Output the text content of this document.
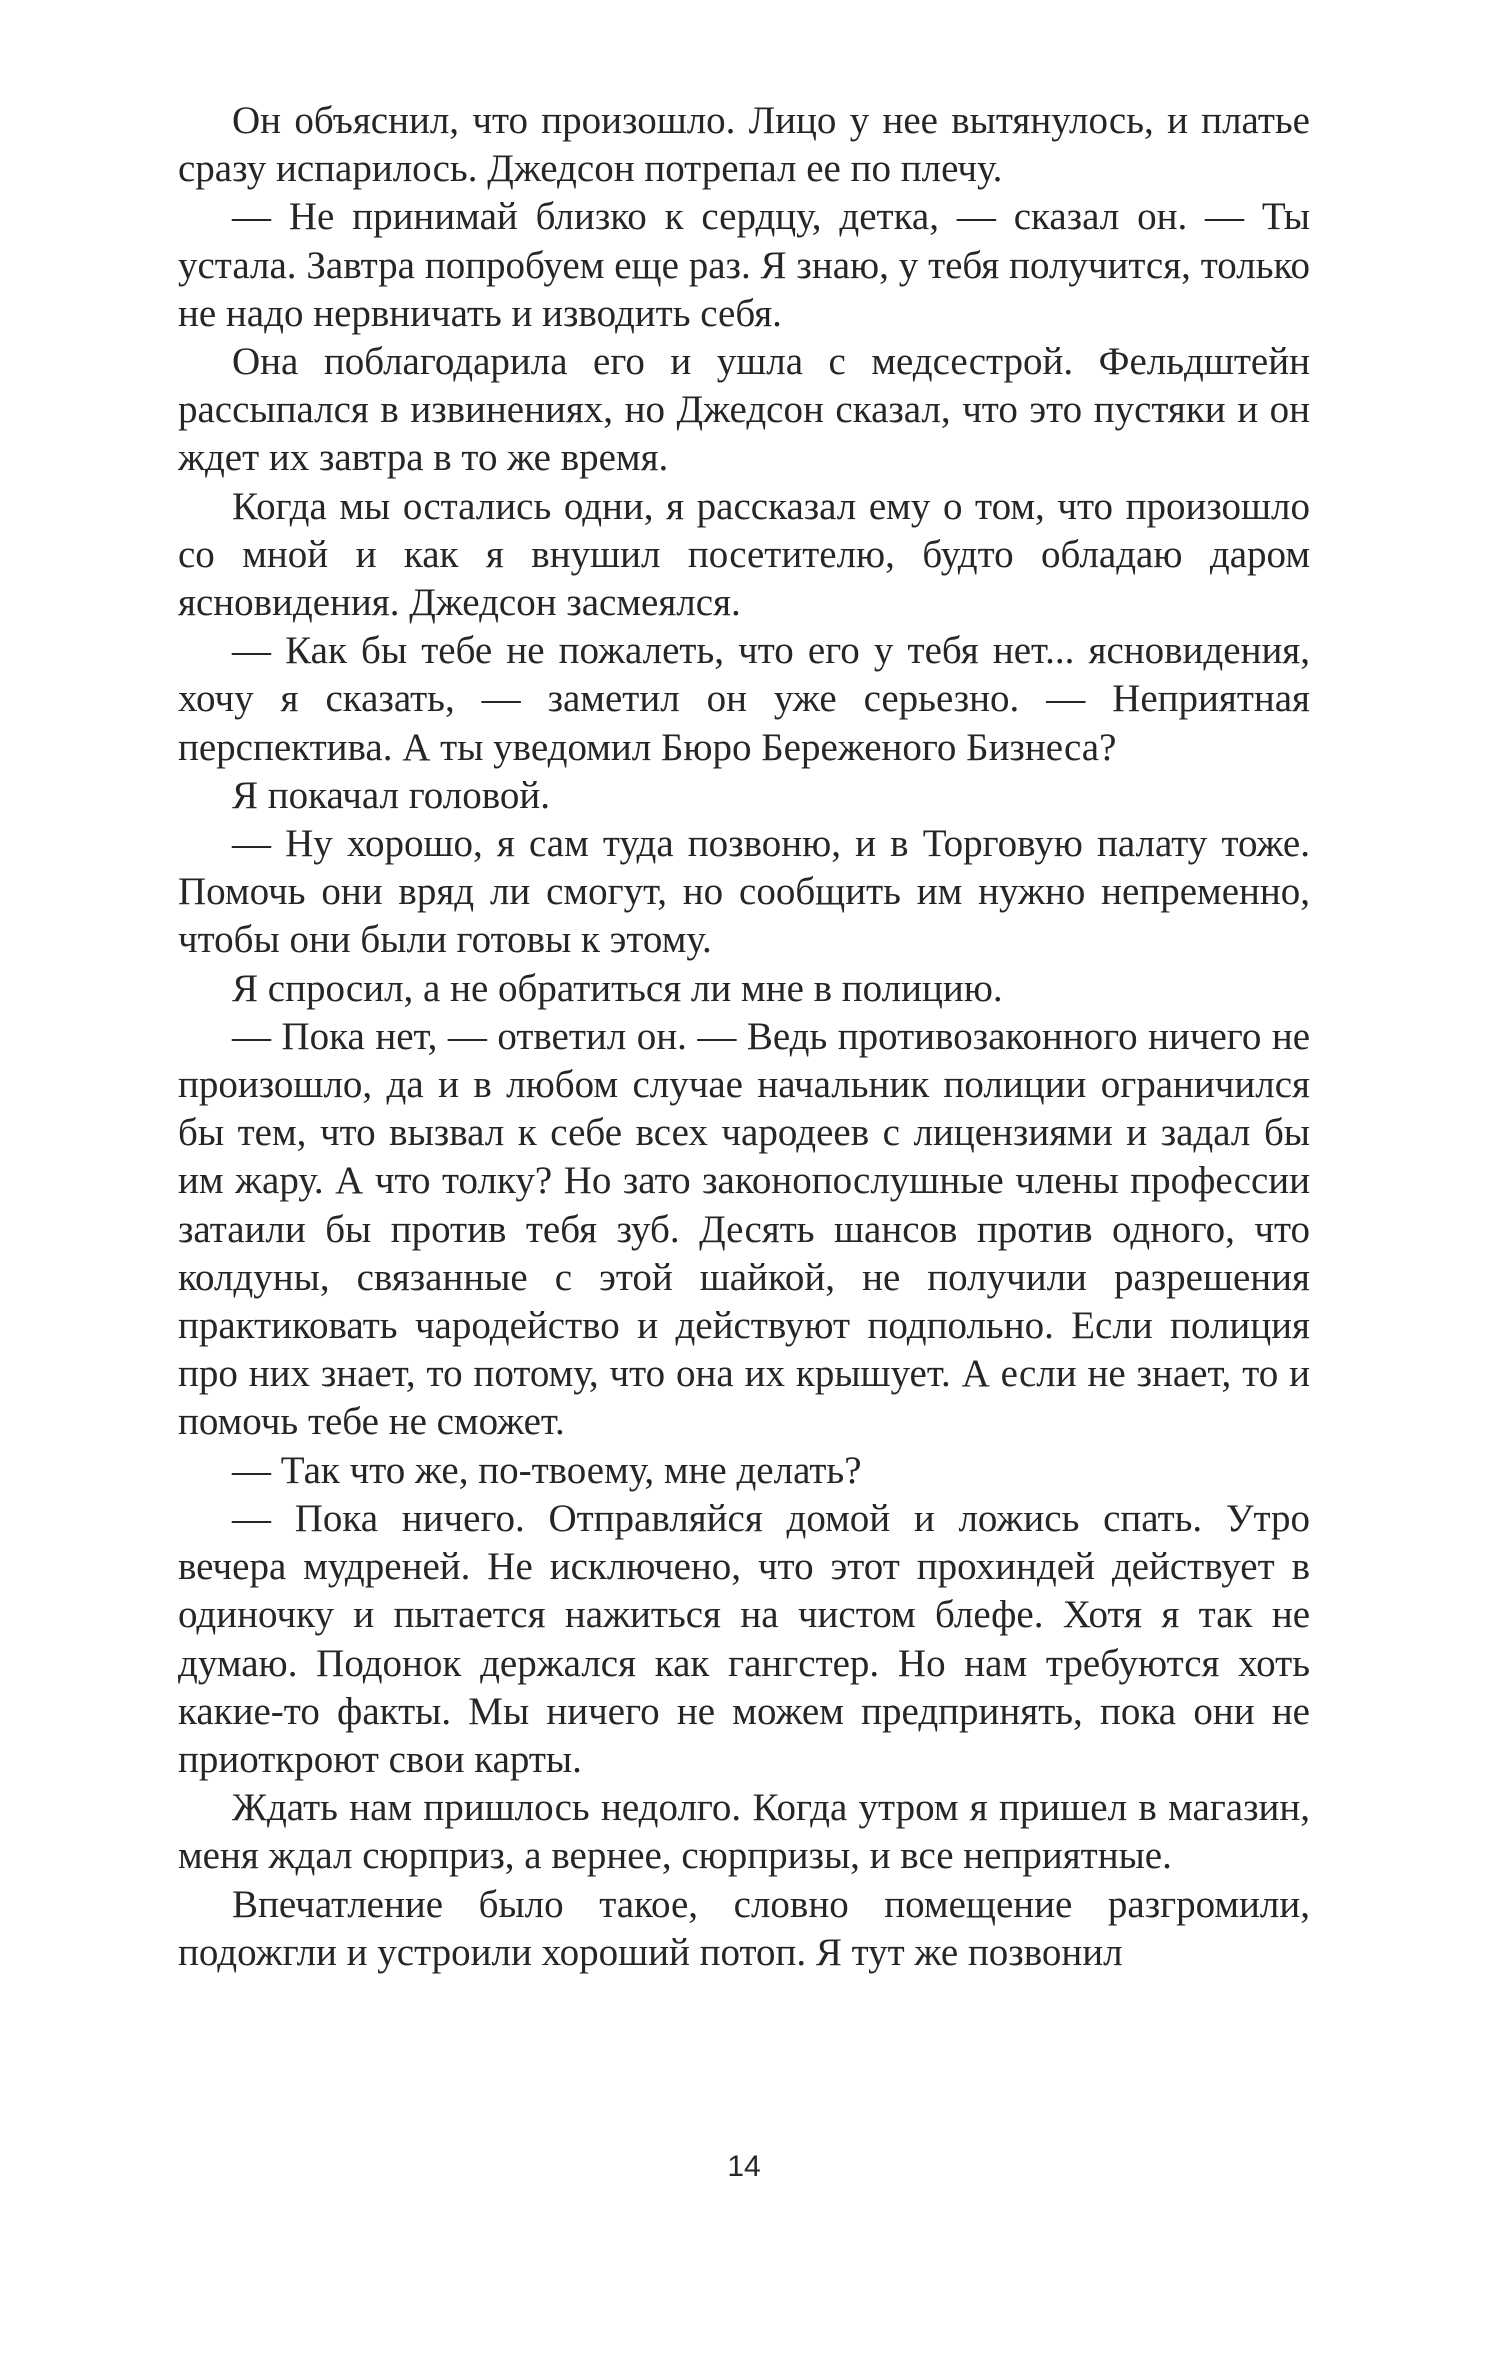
Он объяснил, что произошло. Лицо у нее вытянулось, и платье сразу испарилось. Джедсон потрепал ее по плечу.

— Не принимай близко к сердцу, детка, — сказал он. — Ты устала. Завтра попробуем еще раз. Я знаю, у тебя получится, только не надо нервничать и изводить себя.

Она поблагодарила его и ушла с медсестрой. Фельдштейн рассыпался в извинениях, но Джедсон сказал, что это пустяки и он ждет их завтра в то же время.

Когда мы остались одни, я рассказал ему о том, что произошло со мной и как я внушил посетителю, будто обладаю даром ясновидения. Джедсон засмеялся.

— Как бы тебе не пожалеть, что его у тебя нет... ясновидения, хочу я сказать, — заметил он уже серьезно. — Неприятная перспектива. А ты уведомил Бюро Береженого Бизнеса?

Я покачал головой.

— Ну хорошо, я сам туда позвоню, и в Торговую палату тоже. Помочь они вряд ли смогут, но сообщить им нужно непременно, чтобы они были готовы к этому.

Я спросил, а не обратиться ли мне в полицию.

— Пока нет, — ответил он. — Ведь противозаконного ничего не произошло, да и в любом случае начальник полиции ограничился бы тем, что вызвал к себе всех чародеев с лицензиями и задал бы им жару. А что толку? Но зато законопослушные члены профессии затаили бы против тебя зуб. Десять шансов против одного, что колдуны, связанные с этой шайкой, не получили разрешения практиковать чародейство и действуют подпольно. Если полиция про них знает, то потому, что она их крышует. А если не знает, то и помочь тебе не сможет.

— Так что же, по-твоему, мне делать?

— Пока ничего. Отправляйся домой и ложись спать. Утро вечера мудреней. Не исключено, что этот прохиндей действует в одиночку и пытается нажиться на чистом блефе. Хотя я так не думаю. Подонок держался как гангстер. Но нам требуются хоть какие-то факты. Мы ничего не можем предпринять, пока они не приоткроют свои карты.

Ждать нам пришлось недолго. Когда утром я пришел в магазин, меня ждал сюрприз, а вернее, сюрпризы, и все неприятные.

Впечатление было такое, словно помещение разгромили, подожгли и устроили хороший потоп. Я тут же позвонил

14
